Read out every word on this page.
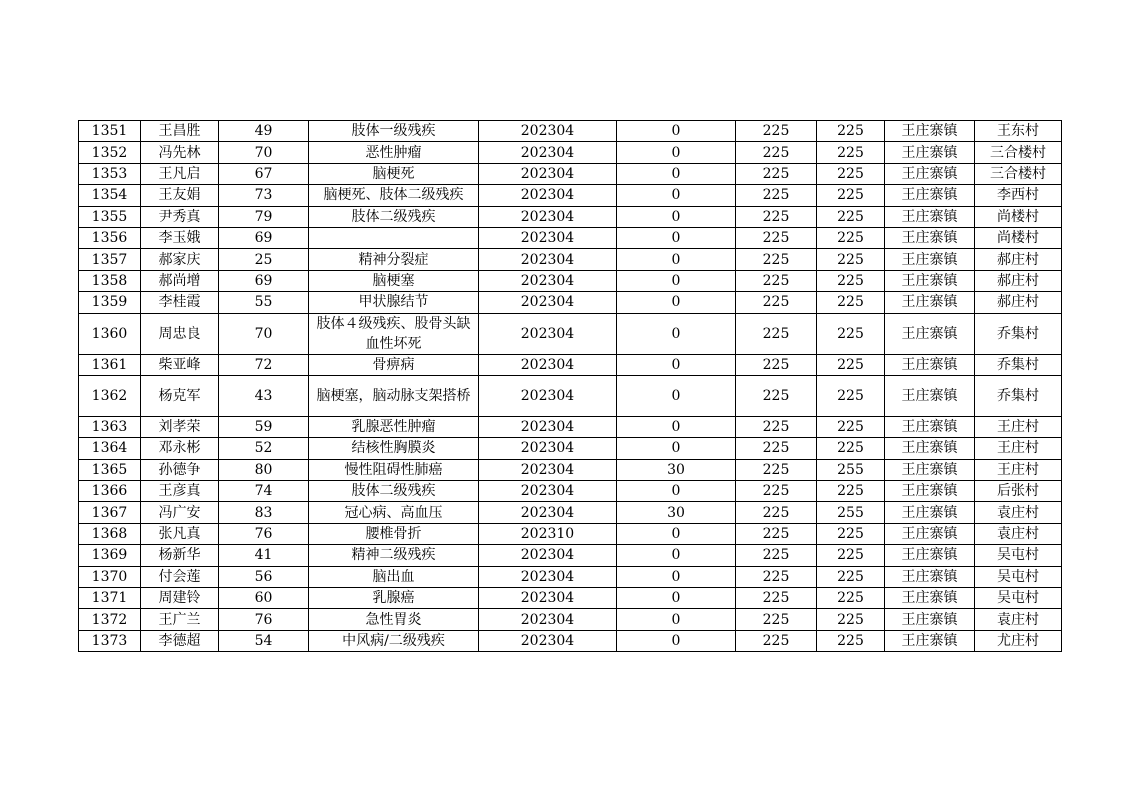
1351	王昌胜	49	肢体一级残疾	202304	0	225	225	王庄寨镇	王东村
1352	冯先林	70	恶性肿瘤	202304	0	225	225	王庄寨镇	三合楼村
1353	王凡启	67	脑梗死	202304	0	225	225	王庄寨镇	三合楼村
1354	王友娟	73	脑梗死、肢体二级残疾	202304	0	225	225	王庄寨镇	李西村
1355	尹秀真	79	肢体二级残疾	202304	0	225	225	王庄寨镇	尚楼村
1356	李玉娥	69		202304	0	225	225	王庄寨镇	尚楼村
1357	郝家庆	25	精神分裂症	202304	0	225	225	王庄寨镇	郝庄村
1358	郝尚增	69	脑梗塞	202304	0	225	225	王庄寨镇	郝庄村
1359	李桂霞	55	甲状腺结节	202304	0	225	225	王庄寨镇	郝庄村
1360	周忠良	70	肢体４级残疾、股骨头缺血性坏死	202304	0	225	225	王庄寨镇	乔集村
1361	柴亚峰	72	骨痹病	202304	0	225	225	王庄寨镇	乔集村
1362	杨克军	43	脑梗塞，脑动脉支架搭桥	202304	0	225	225	王庄寨镇	乔集村
1363	刘孝荣	59	乳腺恶性肿瘤	202304	0	225	225	王庄寨镇	王庄村
1364	邓永彬	52	结核性胸膜炎	202304	0	225	225	王庄寨镇	王庄村
1365	孙德争	80	慢性阻碍性肺癌	202304	30	225	255	王庄寨镇	王庄村
1366	王彦真	74	肢体二级残疾	202304	0	225	225	王庄寨镇	后张村
1367	冯广安	83	冠心病、高血压	202304	30	225	255	王庄寨镇	袁庄村
1368	张凡真	76	腰椎骨折	202310	0	225	225	王庄寨镇	袁庄村
1369	杨新华	41	精神二级残疾	202304	0	225	225	王庄寨镇	吴屯村
1370	付会莲	56	脑出血	202304	0	225	225	王庄寨镇	吴屯村
1371	周建铃	60	乳腺癌	202304	0	225	225	王庄寨镇	吴屯村
1372	王广兰	76	急性胃炎	202304	0	225	225	王庄寨镇	袁庄村
1373	李德超	54	中风病/二级残疾	202304	0	225	225	王庄寨镇	尤庄村
